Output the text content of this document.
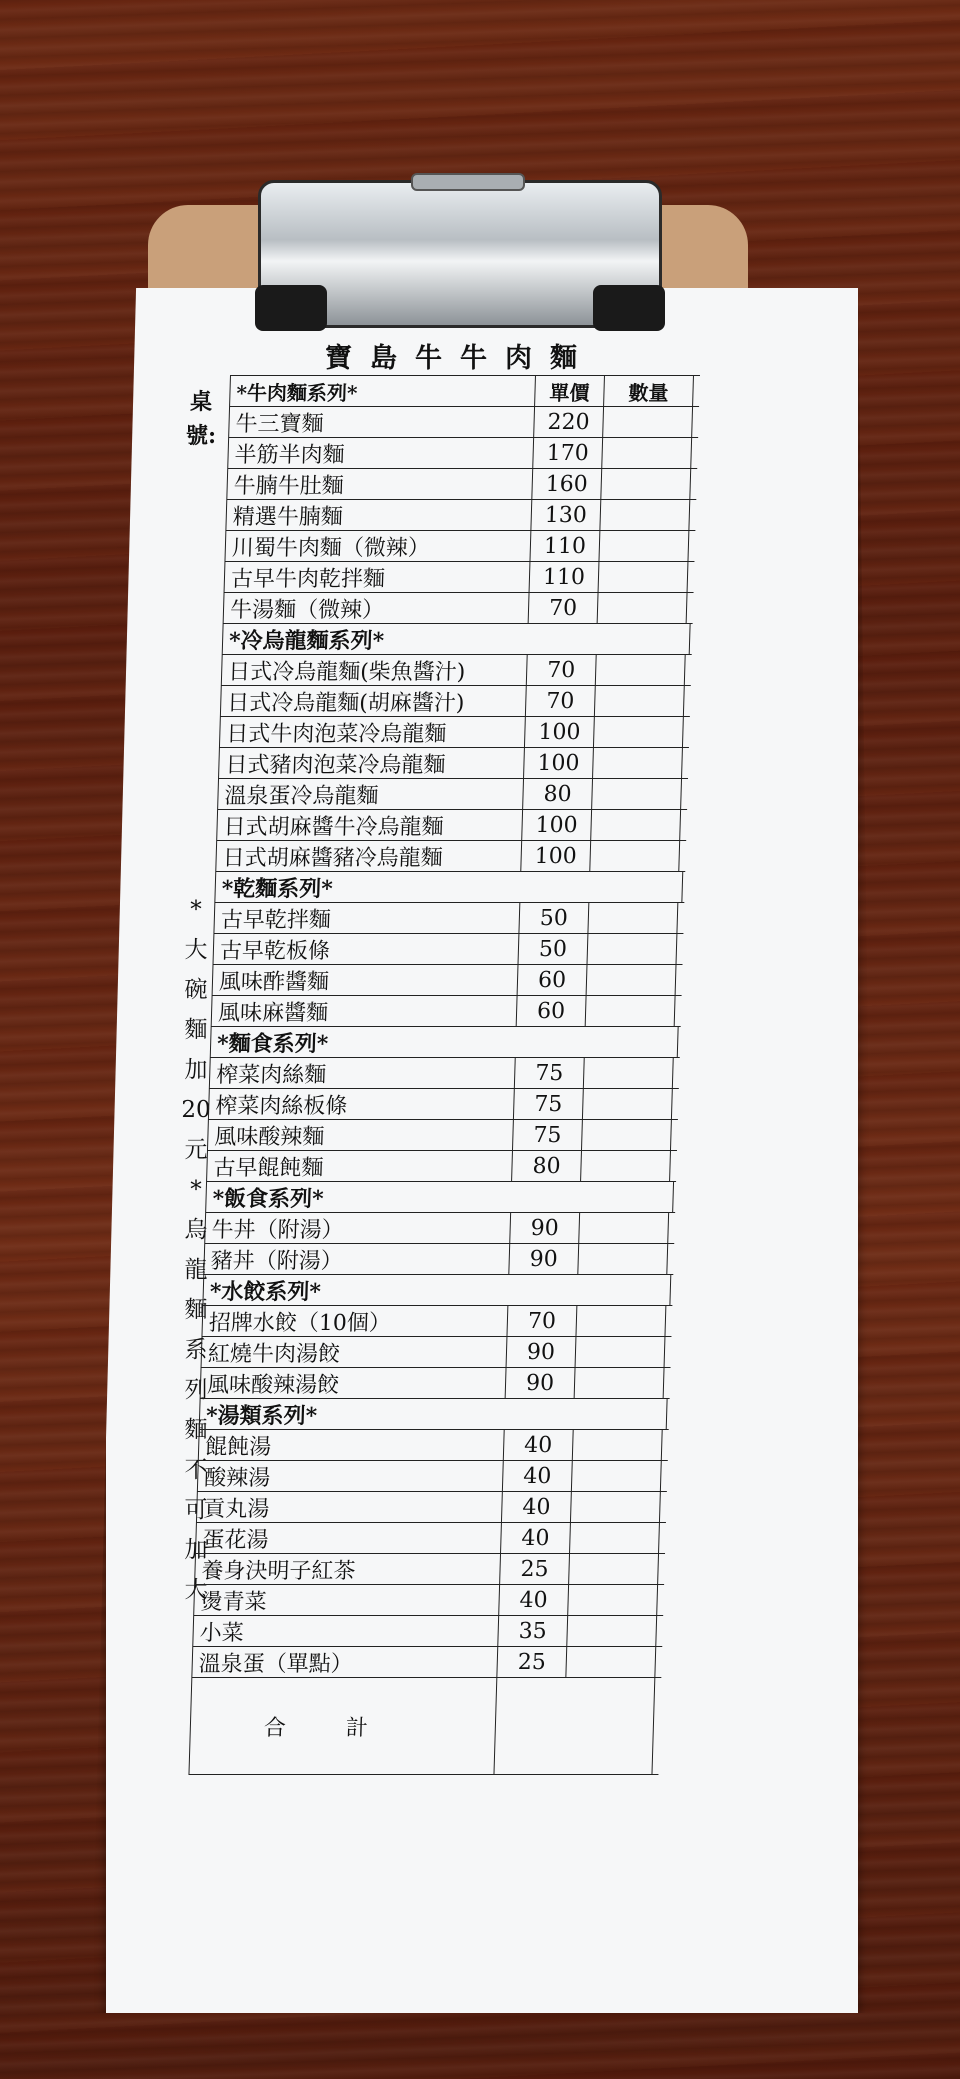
寶島牛牛肉麵
桌號:
*
大
碗
麵
加
20
元
*
烏
龍
麵
系
列
麵
不
可
加
大
*牛肉麵系列*	單價	數量
牛三寶麵	220
半筋半肉麵	170
牛腩牛肚麵	160
精選牛腩麵	130
川蜀牛肉麵（微辣）	110
古早牛肉乾拌麵	110
牛湯麵（微辣）	70
*冷烏龍麵系列*
日式冷烏龍麵(柴魚醬汁)	70
日式冷烏龍麵(胡麻醬汁)	70
日式牛肉泡菜冷烏龍麵	100
日式豬肉泡菜冷烏龍麵	100
溫泉蛋冷烏龍麵	80
日式胡麻醬牛冷烏龍麵	100
日式胡麻醬豬冷烏龍麵	100
*乾麵系列*
古早乾拌麵	50
古早乾板條	50
風味酢醬麵	60
風味麻醬麵	60
*麵食系列*
榨菜肉絲麵	75
榨菜肉絲板條	75
風味酸辣麵	75
古早餛飩麵	80
*飯食系列*
牛丼（附湯）	90
豬丼（附湯）	90
*水餃系列*
招牌水餃（10個）	70
紅燒牛肉湯餃	90
風味酸辣湯餃	90
*湯類系列*
餛飩湯	40
酸辣湯	40
貢丸湯	40
蛋花湯	40
養身決明子紅茶	25
燙青菜	40
小菜	35
溫泉蛋（單點）	25
合計
